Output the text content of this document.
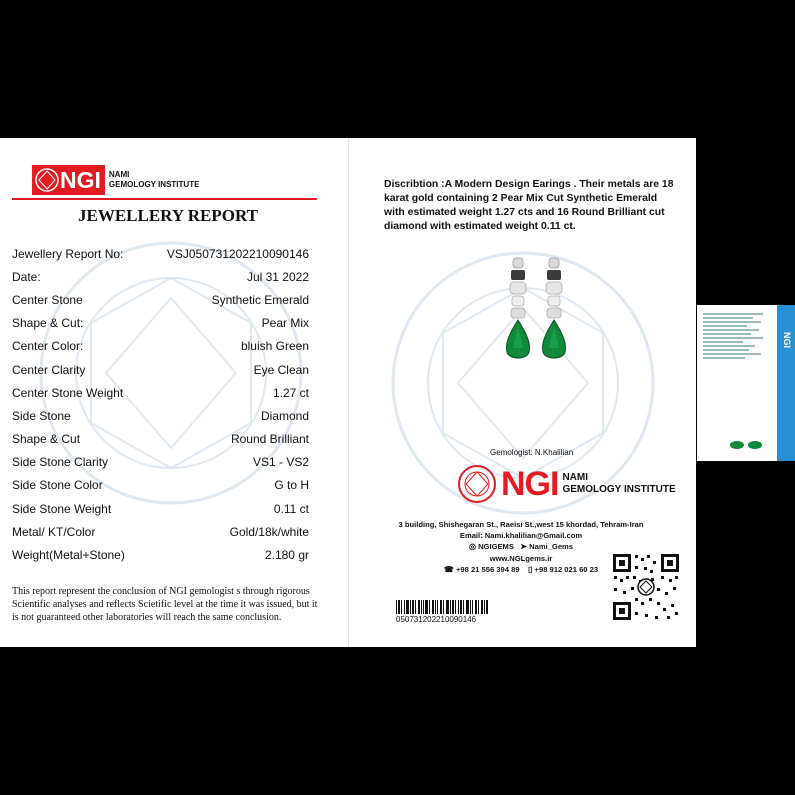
NGI NAMI
GEMOLOGY INSTITUTE
JEWELLERY REPORT
Jewellery Report No:	VSJ050731202210090146
Date:	Jul 31 2022
Center Stone	Synthetic Emerald
Shape & Cut:	Pear Mix
Center Color:	bluish Green
Center Clarity	Eye Clean
Center Stone Weight	1.27 ct
Side Stone	Diamond
Shape & Cut	Round Brilliant
Side Stone Clarity	VS1 - VS2
Side Stone Color	G to H
Side Stone Weight	0.11 ct
Metal/ KT/Color	Gold/18k/white
Weight(Metal+Stone)	2.180 gr
This report represent the conclusion of NGI gemologist s through rigorous Scientific analyses and reflects Scietific level at the time it was issued, but it is not guaranteed other laboratories will reach the same conclusion.
Discribtion :A Modern Design Earings . Their metals are 18 karat gold containing 2 Pear Mix Cut Synthetic Emerald with estimated weight 1.27 cts and 16 Round Brilliant cut diamond with estimated weight 0.11 ct.
Gemologist: N.Khalilian
NGI NAMI
GEMOLOGY INSTITUTE
3 building, Shishegaran St., Raeisi St.,west 15 khordad, Tehram-Iran
Email: Nami.khalilian@Gmail.com
◎ NGIGEMS ➤ Nami_Gems
www.NGLgems.ir
☎ +98 21 556 394 89 ▯ +98 912 021 60 23
050731202210090146
NGI
